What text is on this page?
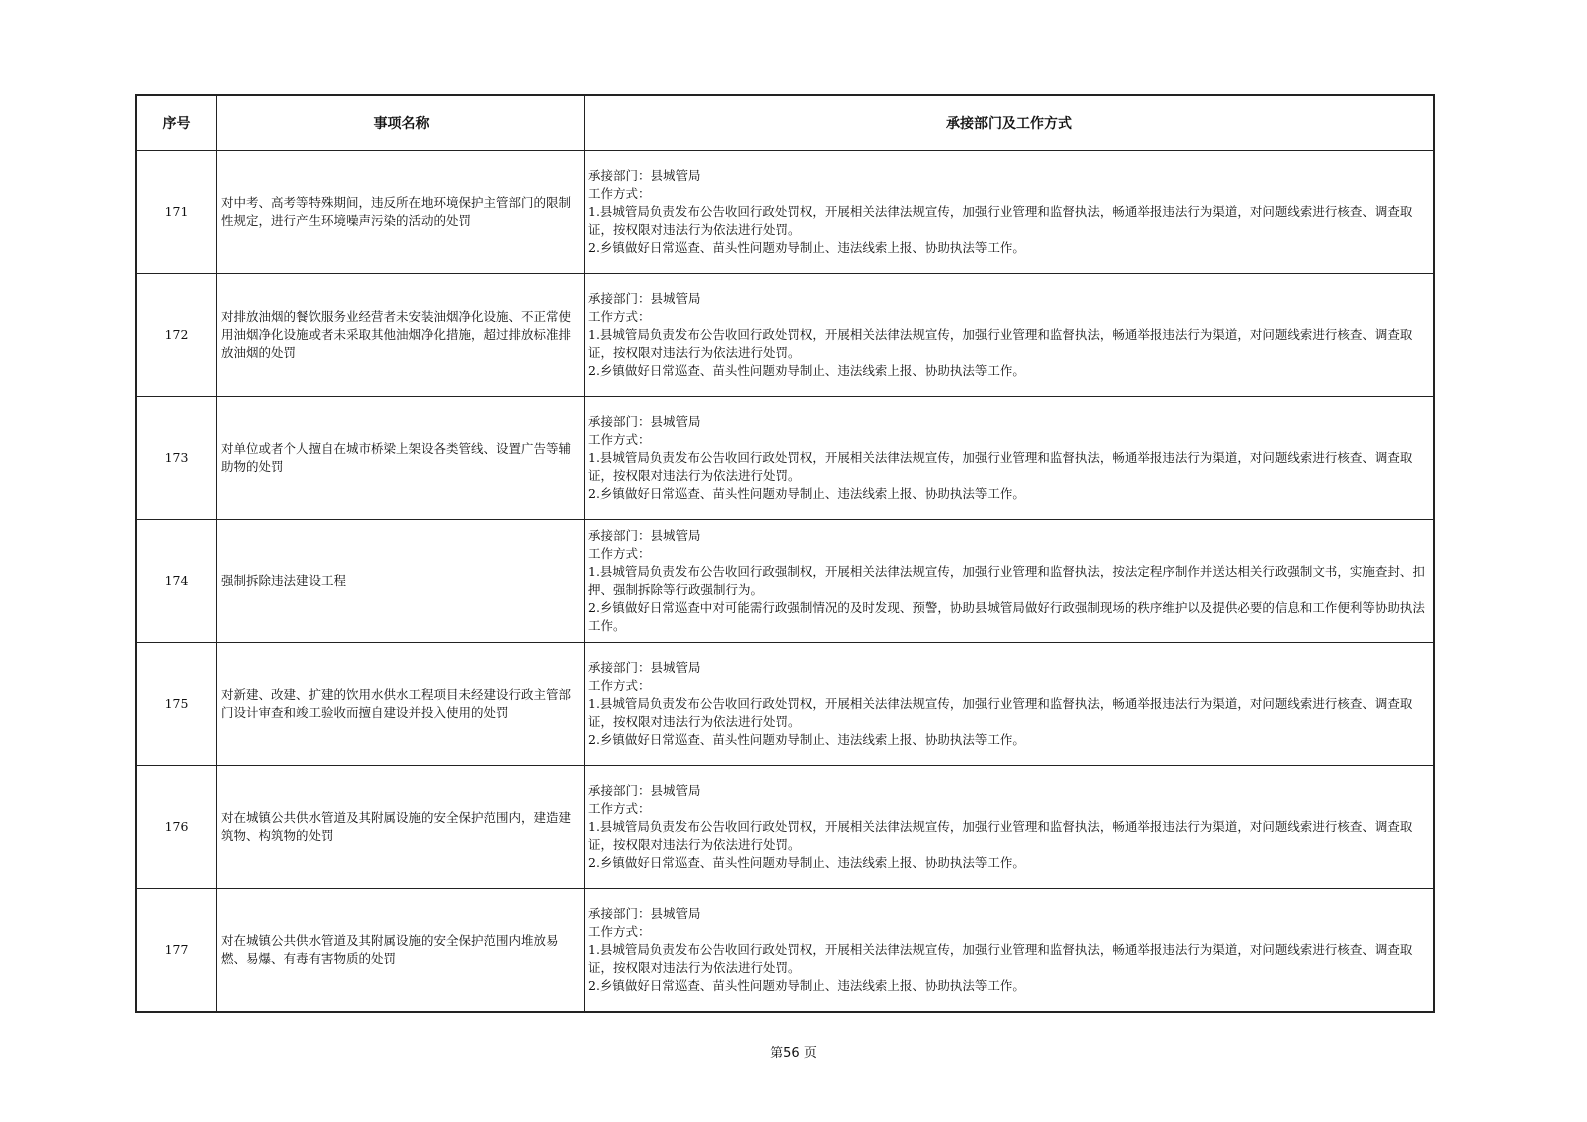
序号	事项名称	承接部门及工作方式
171	对中考、高考等特殊期间，违反所在地环境保护主管部门的限制性规定，进行产生环境噪声污染的活动的处罚	承接部门：县城管局
工作方式：
1.县城管局负责发布公告收回行政处罚权，开展相关法律法规宣传，加强行业管理和监督执法，畅通举报违法行为渠道，对问题线索进行核查、调查取证，按权限对违法行为依法进行处罚。
2.乡镇做好日常巡查、苗头性问题劝导制止、违法线索上报、协助执法等工作。

172	对排放油烟的餐饮服务业经营者未安装油烟净化设施、不正常使用油烟净化设施或者未采取其他油烟净化措施，超过排放标准排放油烟的处罚	承接部门：县城管局
工作方式：
1.县城管局负责发布公告收回行政处罚权，开展相关法律法规宣传，加强行业管理和监督执法，畅通举报违法行为渠道，对问题线索进行核查、调查取证，按权限对违法行为依法进行处罚。
2.乡镇做好日常巡查、苗头性问题劝导制止、违法线索上报、协助执法等工作。

173	对单位或者个人擅自在城市桥梁上架设各类管线、设置广告等辅助物的处罚	承接部门：县城管局
工作方式：
1.县城管局负责发布公告收回行政处罚权，开展相关法律法规宣传，加强行业管理和监督执法，畅通举报违法行为渠道，对问题线索进行核查、调查取证，按权限对违法行为依法进行处罚。
2.乡镇做好日常巡查、苗头性问题劝导制止、违法线索上报、协助执法等工作。

174	强制拆除违法建设工程	承接部门：县城管局
工作方式：
1.县城管局负责发布公告收回行政强制权，开展相关法律法规宣传，加强行业管理和监督执法，按法定程序制作并送达相关行政强制文书，实施查封、扣押、强制拆除等行政强制行为。
2.乡镇做好日常巡查中对可能需行政强制情况的及时发现、预警，协助县城管局做好行政强制现场的秩序维护以及提供必要的信息和工作便利等协助执法工作。

175	对新建、改建、扩建的饮用水供水工程项目未经建设行政主管部门设计审查和竣工验收而擅自建设并投入使用的处罚	承接部门：县城管局
工作方式：
1.县城管局负责发布公告收回行政处罚权，开展相关法律法规宣传，加强行业管理和监督执法，畅通举报违法行为渠道，对问题线索进行核查、调查取证，按权限对违法行为依法进行处罚。
2.乡镇做好日常巡查、苗头性问题劝导制止、违法线索上报、协助执法等工作。

176	对在城镇公共供水管道及其附属设施的安全保护范围内，建造建筑物、构筑物的处罚	承接部门：县城管局
工作方式：
1.县城管局负责发布公告收回行政处罚权，开展相关法律法规宣传，加强行业管理和监督执法，畅通举报违法行为渠道，对问题线索进行核查、调查取证，按权限对违法行为依法进行处罚。
2.乡镇做好日常巡查、苗头性问题劝导制止、违法线索上报、协助执法等工作。

177	对在城镇公共供水管道及其附属设施的安全保护范围内堆放易燃、易爆、有毒有害物质的处罚	承接部门：县城管局
工作方式：
1.县城管局负责发布公告收回行政处罚权，开展相关法律法规宣传，加强行业管理和监督执法，畅通举报违法行为渠道，对问题线索进行核查、调查取证，按权限对违法行为依法进行处罚。
2.乡镇做好日常巡查、苗头性问题劝导制止、违法线索上报、协助执法等工作。
第56 页
